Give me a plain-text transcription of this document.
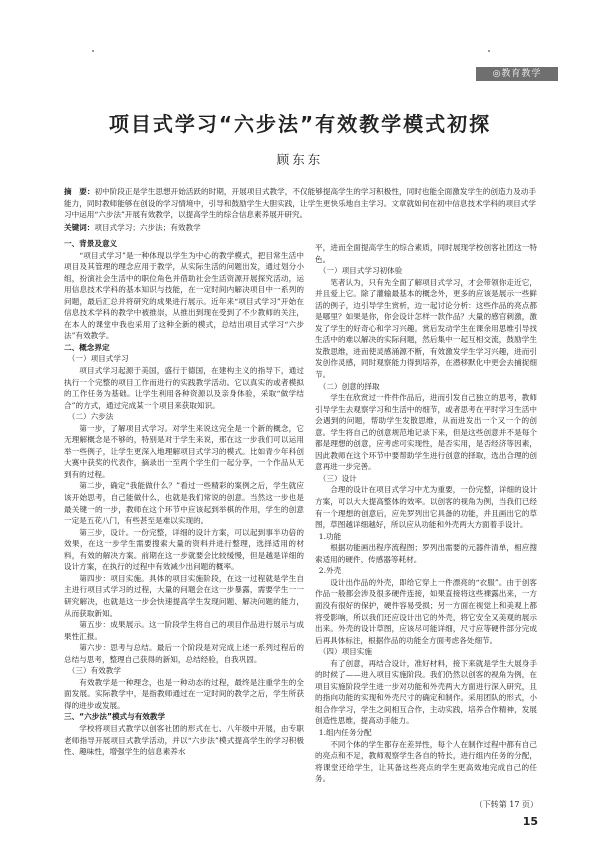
◎教育教学
项目式学习“六步法”有效教学模式初探
顾东东
摘　要：初中阶段正是学生思想开始活跃的时期，开展项目式教学，不仅能够提高学生的学习积极性，同时也能全面激发学生的创造力及动手能力，同时教师能够在创设的学习情境中，引导和鼓励学生大胆实践，让学生更快乐地自主学习。文章就如何在初中信息技术学科的项目式学习中运用“六步法”开展有效教学，以提高学生的综合信息素养展开研究。
关键词：项目式学习；六步法；有效教学

一、背景及意义

“项目式学习”是一种体现以学生为中心的教学模式，把目常生活中项目及其管理的理念应用于教学，从实际生活的问题出发，通过划分小组，扮演社会生活中的职位角色并借助社会生活资源开展探究活动，运用信息技术学科的基本知识与技能，在一定时间内解决项目中一系列的问题，最后汇总并将研究的成果进行展示。近年来“项目式学习”开始在信息技术学科的教学中被推崇，从推出到现在受到了不少教师的关注，在本人的课堂中我也采用了这种全新的模式，总结出项目式学习“六步法”有效教学。

二、概念界定

（一）项目式学习

项目式学习起源于美国，盛行于德国，在建构主义的指导下，通过执行一个完整的项目工作而进行的实践教学活动。它以真实的或者模拟的工作任务为基础。让学生利用各种资源以及亲身体验，采取“做学结合”的方式，通过完成某一个项目来获取知识。

（二）六步法

第一步，了解项目式学习。对学生来说这完全是一个新的概念，它无理解概念是不够的，特别是对于学生来说，那在这一步我们可以运用举一些例子，让学生更深入地理解项目式学习的模式。比如青少年科创大赛中获奖的代表作，摘录出一至两个学生们一起分享，一个作品从无到有的过程。

第二步，确定“我能做什么？”看过一些精彩的案例之后，学生就应该开始思考，自己能做什么，也就是我们常说的创意。当然这一步也是最关键一的一步，教师在这个环节中应该起到举棋的作用，学生的创意一定是五花八门，有些甚至是难以实现的。

第三步，设计。一份完整，详细的设计方案，可以起到事半功倍的效果，在这一步学生需要搜索大量的资料并进行整理，选择适用的材料，有效的解决方案。前期在这一步就要会比较缓慢，但是越是详细的设计方案，在执行的过程中有效减少出问题的概率。

第四步：项目实施。具体的项目实施阶段，在这一过程就是学生自主进行项目式学习的过程，大量的问题会在这一步暴露，需要学生一一研究解决，也就是这一步会快速提高学生发现问题、解决问题的能力，从而获取新知。

第五步：成果展示。这一阶段学生将自己的项目作品进行展示与成果性汇报。

第六步：思考与总结。最后一个阶段是对完成上述一系列过程后的总结与思考，整理自己获得的新知，总结经验，自我巩固。

（三）有效教学

有效教学是一种理念，也是一种动态的过程，最终是注重学生的全面发展。实际教学中，是指教师通过在一定时间的教学之后，学生所获得的进步或发展。

三、“六步法”模式与有效教学

学校将项目式教学以创客社团的形式在七、八年级中开展，由专职老师指导开展项目式教学活动，并以“六步法”模式提高学生的学习积极性、趣味性，增强学生的信息素养水

平，进而全面提高学生的综合素质，同时展现学校创客社团这一特色。

（一）项目式学习初体验

笔者认为，只有先全面了解项目式学习，才会带领你走近它，并且爱上它。除了灌输最基本的概念外，更多的应该是展示一些鲜活的例子，边引导学生赏析，边一起讨论分析：这些作品的亮点都是哪里？如果是你，你会设计怎样一款作品？大量的感官刺激，激发了学生的好奇心和学习兴趣。赏后发动学生在课余用思维引导找生活中的难以解决的实际问题，然后集中一起互相交流，鼓励学生发散思维，进而使灵感涌源不断，有效激发学生学习兴趣，进而引发创作灵感，同时观察能力得到培养，在潜移默化中更会去捕捉细节。

（二）创意的择取

学生在欣赏过一件件作品后，进而引发自己独立的思考，教师引导学生去观察学习和生活中的细节，或者思考在平时学习生活中会遇到的问题，帮助学生发散思维，从而进发出一个又一个的创意。学生将自己的创意规范地记录下来，但是这些创意并不是每个都是理想的创意，应考虑可实现性，是否实用，是否经济等因素，因此教师在这个环节中要帮助学生进行创意的择取，选出合理的创意再进一步完善。

（三）设计

合理的设计在项目式学习中尤为重要，一份完整，详细的设计方案，可以大大提高整体的效率。以创客的视角为例，当我们已经有一个理想的创意后，应先罗列出它具备的功能，并且画出它的草图，草图越详细越好，所以应从功能和外壳两大方面着手设计。

1.功能

根据功能画出程序流程图；罗列出需要的元器件清单，相应搜索适用的硬件、传感器等耗材。

2.外壳

设计出作品的外壳，即给它穿上一件漂亮的“衣服”。由于创客作品一般都会涉及很多硬件连接，如果直接将这些裸露出来，一方面没有很好的保护，硬件容易受损；另一方面在视觉上和美观上都将受影响，所以我们还应设计出它的外壳，将它安全又美观的展示出来。外壳的设计草图，应该尽可能详细，尺寸应等硬件部分完成后再具体标注，根据作品的功能全方面考虑各处细节。

（四）项目实施

有了创意，再结合设计，准好材料，接下来就是学生大展身手的时候了——进入项目实施阶段。我们仍然以创客的视角为例，在项目实施阶段学生进一步对功能和外壳两大方面进行深入研究，且的指向功能的实现和外壳尺寸的确定和制作。采用团队的形式，小组合作学习，学生之间相互合作，主动实践，培养合作精神，发展创造性思维，提高动手能力。

1.组内任务分配

不同个体的学生都存在差异性，每个人在制作过程中都有自己的亮点和不足，教师观察学生各自的特长，进行组内任务的分配，将课堂还给学生，让其备这些亮点的学生更高效地完成自己的任务。

（下转第 17 页）
15
